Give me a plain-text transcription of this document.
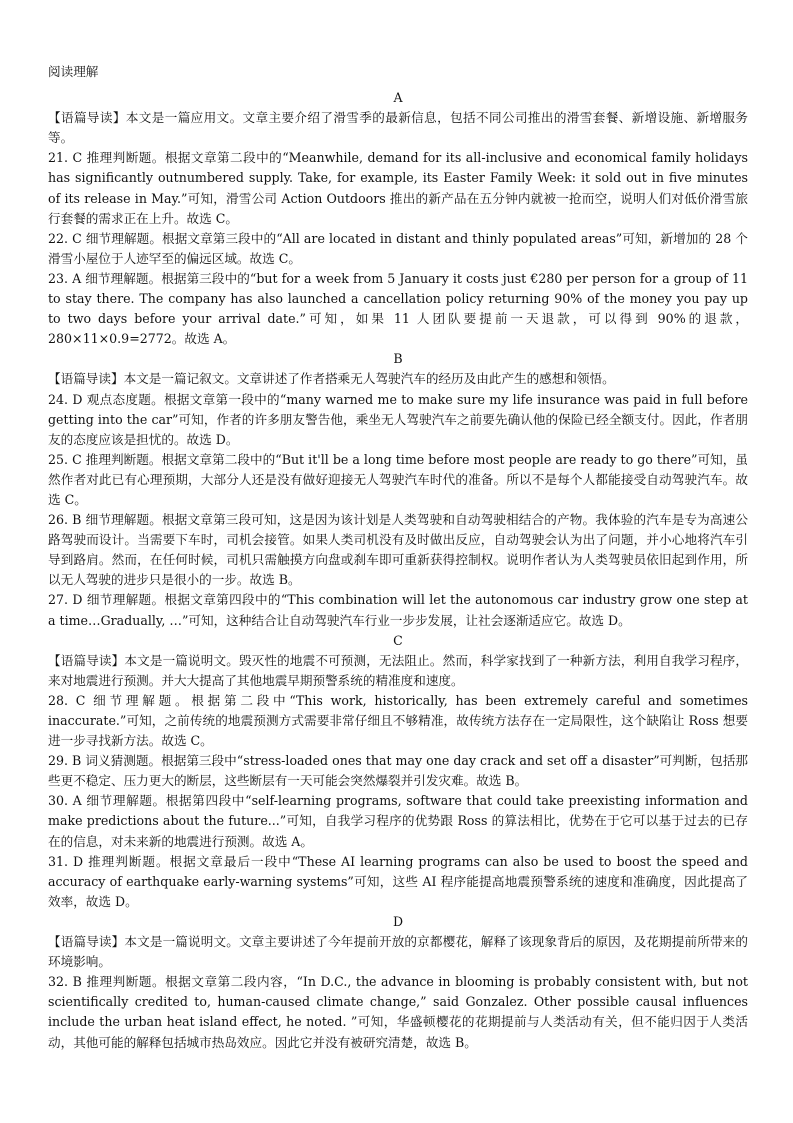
阅读理解
A

【语篇导读】本文是一篇应用文。文章主要介绍了滑雪季的最新信息，包括不同公司推出的滑雪套餐、新增设施、新增服务等。

21. C 推理判断题。根据文章第二段中的“Meanwhile, demand for its all-inclusive and economical family holidays has significantly outnumbered supply. Take, for example, its Easter Family Week: it sold out in five minutes of its release in May.”可知，滑雪公司 Action Outdoors 推出的新产品在五分钟内就被一抢而空，说明人们对低价滑雪旅行套餐的需求正在上升。故选 C。

22. C 细节理解题。根据文章第三段中的“All are located in distant and thinly populated areas”可知，新增加的 28 个滑雪小屋位于人迹罕至的偏远区域。故选 C。

23. A 细节理解题。根据第三段中的“but for a week from 5 January it costs just €280 per person for a group of 11 to stay there. The company has also launched a cancellation policy returning 90% of the money you pay up to two days before your arrival date.”可知，如果 11 人团队要提前一天退款，可以得到 90%的退款，280×11×0.9=2772。故选 A。

B

【语篇导读】本文是一篇记叙文。文章讲述了作者搭乘无人驾驶汽车的经历及由此产生的感想和领悟。

24. D 观点态度题。根据文章第一段中的“many warned me to make sure my life insurance was paid in full before getting into the car”可知，作者的许多朋友警告他，乘坐无人驾驶汽车之前要先确认他的保险已经全额支付。因此，作者朋友的态度应该是担忧的。故选 D。

25. C 推理判断题。根据文章第二段中的“But it'll be a long time before most people are ready to go there”可知，虽然作者对此已有心理预期，大部分人还是没有做好迎接无人驾驶汽车时代的准备。所以不是每个人都能接受自动驾驶汽车。故选 C。

26. B 细节理解题。根据文章第三段可知，这是因为该计划是人类驾驶和自动驾驶相结合的产物。我体验的汽车是专为高速公路驾驶而设计。当需要下车时，司机会接管。如果人类司机没有及时做出反应，自动驾驶会认为出了问题，并小心地将汽车引导到路肩。然而，在任何时候，司机只需触摸方向盘或刹车即可重新获得控制权。说明作者认为人类驾驶员依旧起到作用，所以无人驾驶的进步只是很小的一步。故选 B。

27. D 细节理解题。根据文章第四段中的“This combination will let the autonomous car industry grow one step at a time…Gradually, …”可知，这种结合让自动驾驶汽车行业一步步发展，让社会逐渐适应它。故选 D。

C

【语篇导读】本文是一篇说明文。毁灭性的地震不可预测，无法阻止。然而，科学家找到了一种新方法，利用自我学习程序，来对地震进行预测。并大大提高了其他地震早期预警系统的精准度和速度。

28. C 细节理解题。根据第二段中“This work, historically, has been extremely careful and sometimes inaccurate.”可知，之前传统的地震预测方式需要非常仔细且不够精准，故传统方法存在一定局限性，这个缺陷让 Ross 想要进一步寻找新方法。故选 C。

29. B 词义猜测题。根据第三段中“stress-loaded ones that may one day crack and set off a disaster”可判断，包括那些更不稳定、压力更大的断层，这些断层有一天可能会突然爆裂并引发灾难。故选 B。

30. A 细节理解题。根据第四段中“self-learning programs, software that could take preexisting information and make predictions about the future...”可知，自我学习程序的优势跟 Ross 的算法相比，优势在于它可以基于过去的已存在的信息，对未来新的地震进行预测。故选 A。

31. D 推理判断题。根据文章最后一段中“These AI learning programs can also be used to boost the speed and accuracy of earthquake early-warning systems”可知，这些 AI 程序能提高地震预警系统的速度和准确度，因此提高了效率，故选 D。

D

【语篇导读】本文是一篇说明文。文章主要讲述了今年提前开放的京都樱花，解释了该现象背后的原因，及花期提前所带来的环境影响。

32. B 推理判断题。根据文章第二段内容，“In D.C., the advance in blooming is probably consistent with, but not scientifically credited to, human-caused climate change,” said Gonzalez. Other possible causal influences include the urban heat island effect, he noted. ”可知，华盛顿樱花的花期提前与人类活动有关，但不能归因于人类活动，其他可能的解释包括城市热岛效应。因此它并没有被研究清楚，故选 B。
